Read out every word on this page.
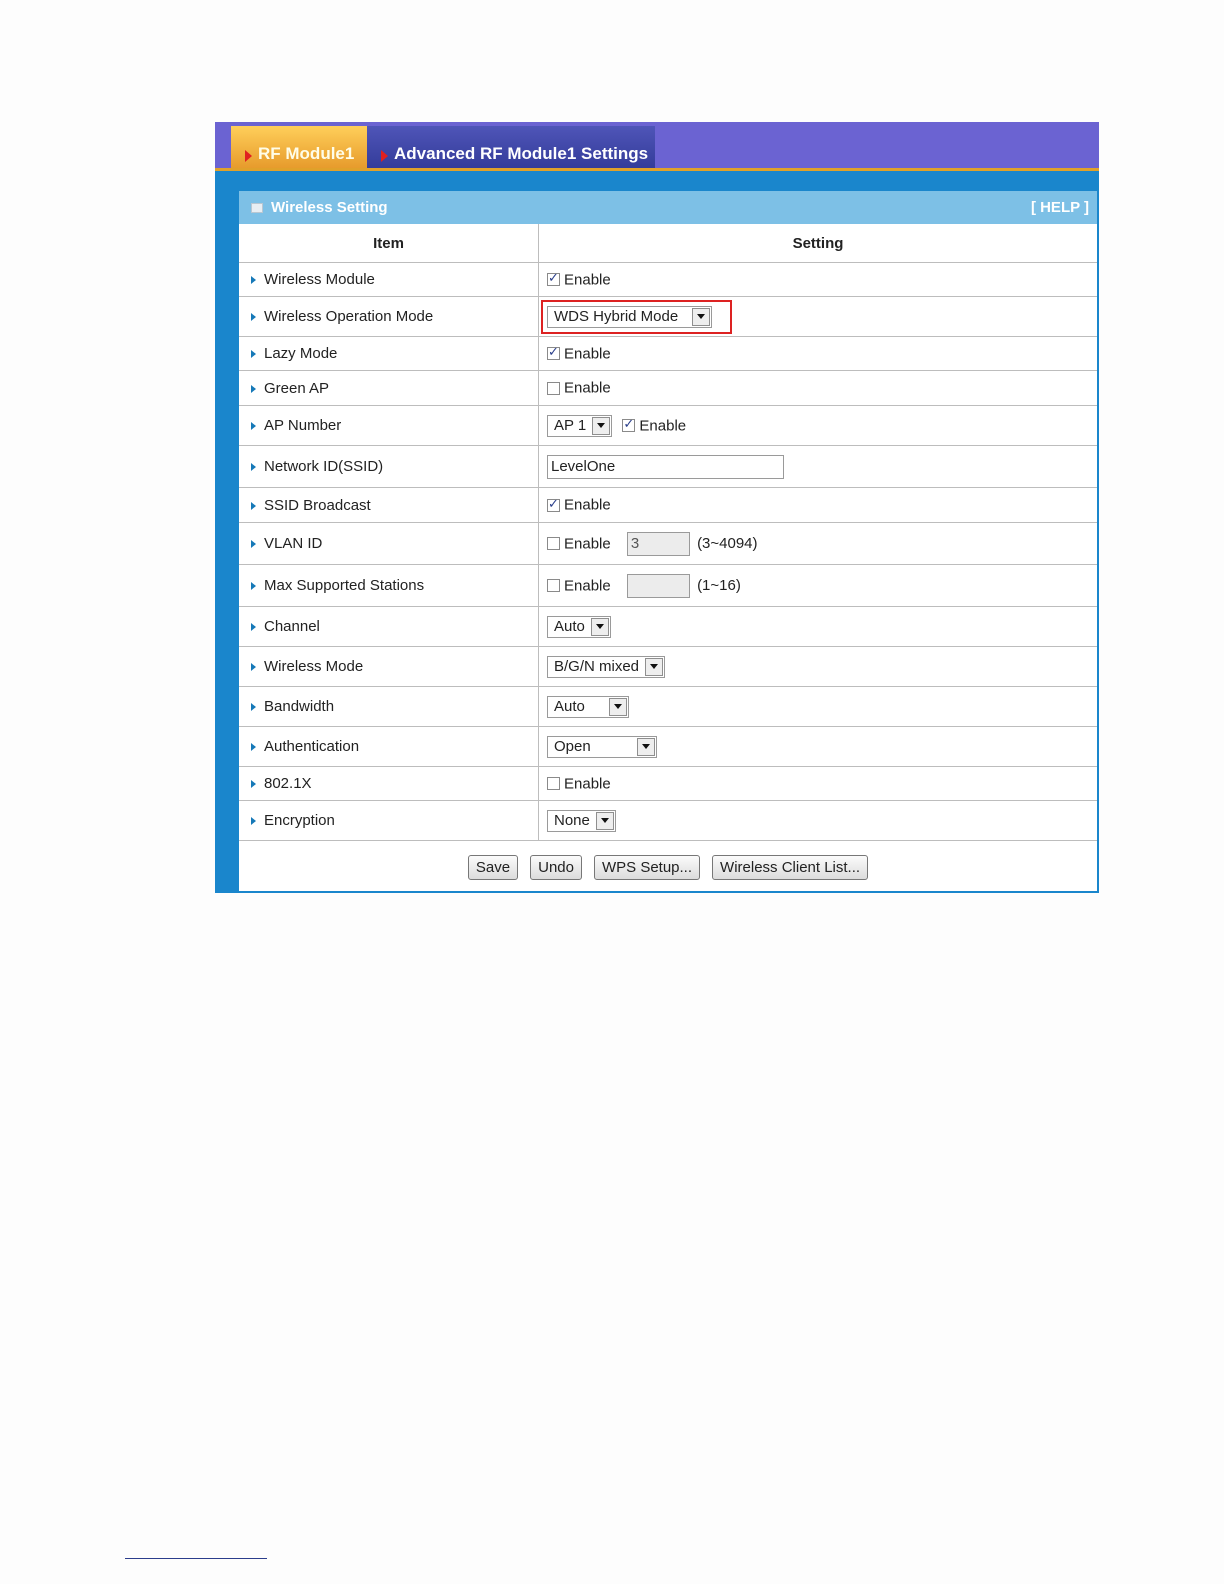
RF Module1 Advanced RF Module1 Settings
Wireless Setting	[ HELP ]
Item	Setting
Wireless Module	✓Enable
Wireless Operation Mode	WDS Hybrid Mode

Lazy Mode	✓Enable
Green AP	Enable
AP Number	AP 1 ✓ Enable
Network ID(SSID)	LevelOne
SSID Broadcast	✓Enable
VLAN ID	Enable 3 (3~4094)
Max Supported Stations	Enable (1~16)
Channel	Auto

Wireless Mode	B/G/N mixed

Bandwidth	Auto

Authentication	Open

802.1X	Enable
Encryption	None
Save	Undo	WPS Setup...	Wireless Client List...
